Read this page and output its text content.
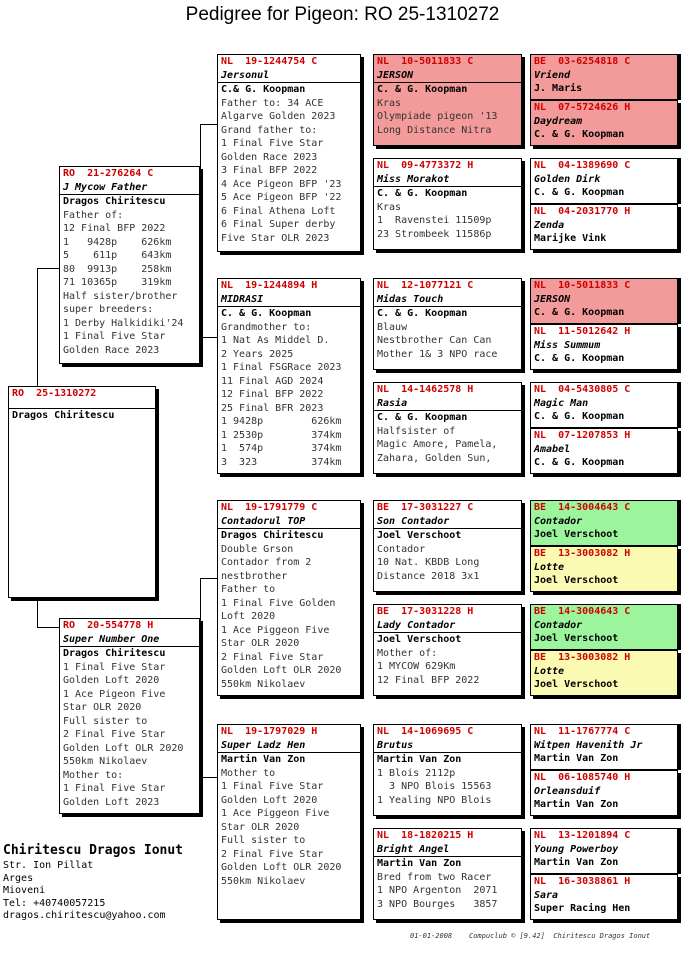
Pedigree for Pigeon: RO 25-1310272
RO  25-1310272
Dragos Chiritescu
RO  21-276264 C
J Mycow Father
Dragos Chiritescu
Father of:
12 Final BFP 2022
1   9428p    626km
5    611p    643km
80  9913p    258km
71 10365p    319km
Half sister/brother
super breeders:
1 Derby Halkidiki'24
1 Final Five Star
Golden Race 2023
RO  20-554778 H
Super Number One
Dragos Chiritescu
1 Final Five Star
Golden Loft 2020
1 Ace Pigeon Five
Star OLR 2020
Full sister to
2 Final Five Star
Golden Loft OLR 2020
550km Nikolaev
Mother to:
1 Final Five Star
Golden Loft 2023
NL  19-1244754 C
Jersonul
C.& G. Koopman
Father to: 34 ACE
Algarve Golden 2023
Grand father to:
1 Final Five Star
Golden Race 2023
3 Final BFP 2022
4 Ace Pigeon BFP '23
5 Ace Pigeon BFP '22
6 Final Athena Loft
6 Final Super derby
Five Star OLR 2023
NL  19-1244894 H
MIDRASI
C. & G. Koopman
Grandmother to:
1 Nat As Middel D.
2 Years 2025
1 Final FSGRace 2023
11 Final AGD 2024
12 Final BFP 2022
25 Final BFR 2023
1 9428p        626km
1 2530p        374km
1  574p        374km
3  323         374km
NL  19-1791779 C
Contadorul TOP
Dragos Chiritescu
Double Grson
Contador from 2
nestbrother
Father to
1 Final Five Golden
Loft 2020
1 Ace Piggeon Five
Star OLR 2020
2 Final Five Star
Golden Loft OLR 2020
550km Nikolaev
NL  19-1797029 H
Super Ladz Hen
Martin Van Zon
Mother to
1 Final Five Star
Golden Loft 2020
1 Ace Piggeon Five
Star OLR 2020
Full sister to
2 Final Five Star
Golden Loft OLR 2020
550km Nikolaev
NL  10-5011833 C
JERSON
C. & G. Koopman
Kras
Olympiade pigeon '13
Long Distance Nitra
NL  09-4773372 H
Miss Morakot
C. & G. Koopman
Kras
1  Ravenstei 11509p
23 Strombeek 11586p
NL  12-1077121 C
Midas Touch
C. & G. Koopman
Blauw
Nestbrother Can Can
Mother 1& 3 NPO race
NL  14-1462578 H
Rasia
C. & G. Koopman
Halfsister of
Magic Amore, Pamela,
Zahara, Golden Sun,
BE  17-3031227 C
Son Contador
Joel Verschoot
Contador
10 Nat. KBDB Long
Distance 2018 3x1
BE  17-3031228 H
Lady Contador
Joel Verschoot
Mother of:
1 MYCOW 629Km
12 Final BFP 2022
NL  14-1069695 C
Brutus
Martin Van Zon
1 Blois 2112p
3 NPO Blois 15563
1 Yealing NPO Blois
NL  18-1820215 H
Bright Angel
Martin Van Zon
Bred from two Racer
1 NPO Argenton  2071
3 NPO Bourges   3857
BE  03-6254818 C
Vriend
J. Maris
NL  07-5724626 H
Daydream
C. & G. Koopman
NL  04-1389690 C
Golden Dirk
C. & G. Koopman
NL  04-2031770 H
Zenda
Marijke Vink
NL  10-5011833 C
JERSON
C. & G. Koopman
NL  11-5012642 H
Miss Summum
C. & G. Koopman
NL  04-5430805 C
Magic Man
C. & G. Koopman
NL  07-1207853 H
Amabel
C. & G. Koopman
BE  14-3004643 C
Contador
Joel Verschoot
BE  13-3003082 H
Lotte
Joel Verschoot
BE  14-3004643 C
Contador
Joel Verschoot
BE  13-3003082 H
Lotte
Joel Verschoot
NL  11-1767774 C
Witpen Havenith Jr
Martin Van Zon
NL  06-1085740 H
Orleansduif
Martin Van Zon
NL  13-1201894 C
Young Powerboy
Martin Van Zon
NL  16-3038861 H
Sara
Super Racing Hen
Chiritescu Dragos Ionut
Str. Ion Pillat
Arges
Mioveni
Tel: +40740057215
dragos.chiritescu@yahoo.com
01-01-2008    Compuclub © [9.42]  Chiritescu Dragos Ionut
